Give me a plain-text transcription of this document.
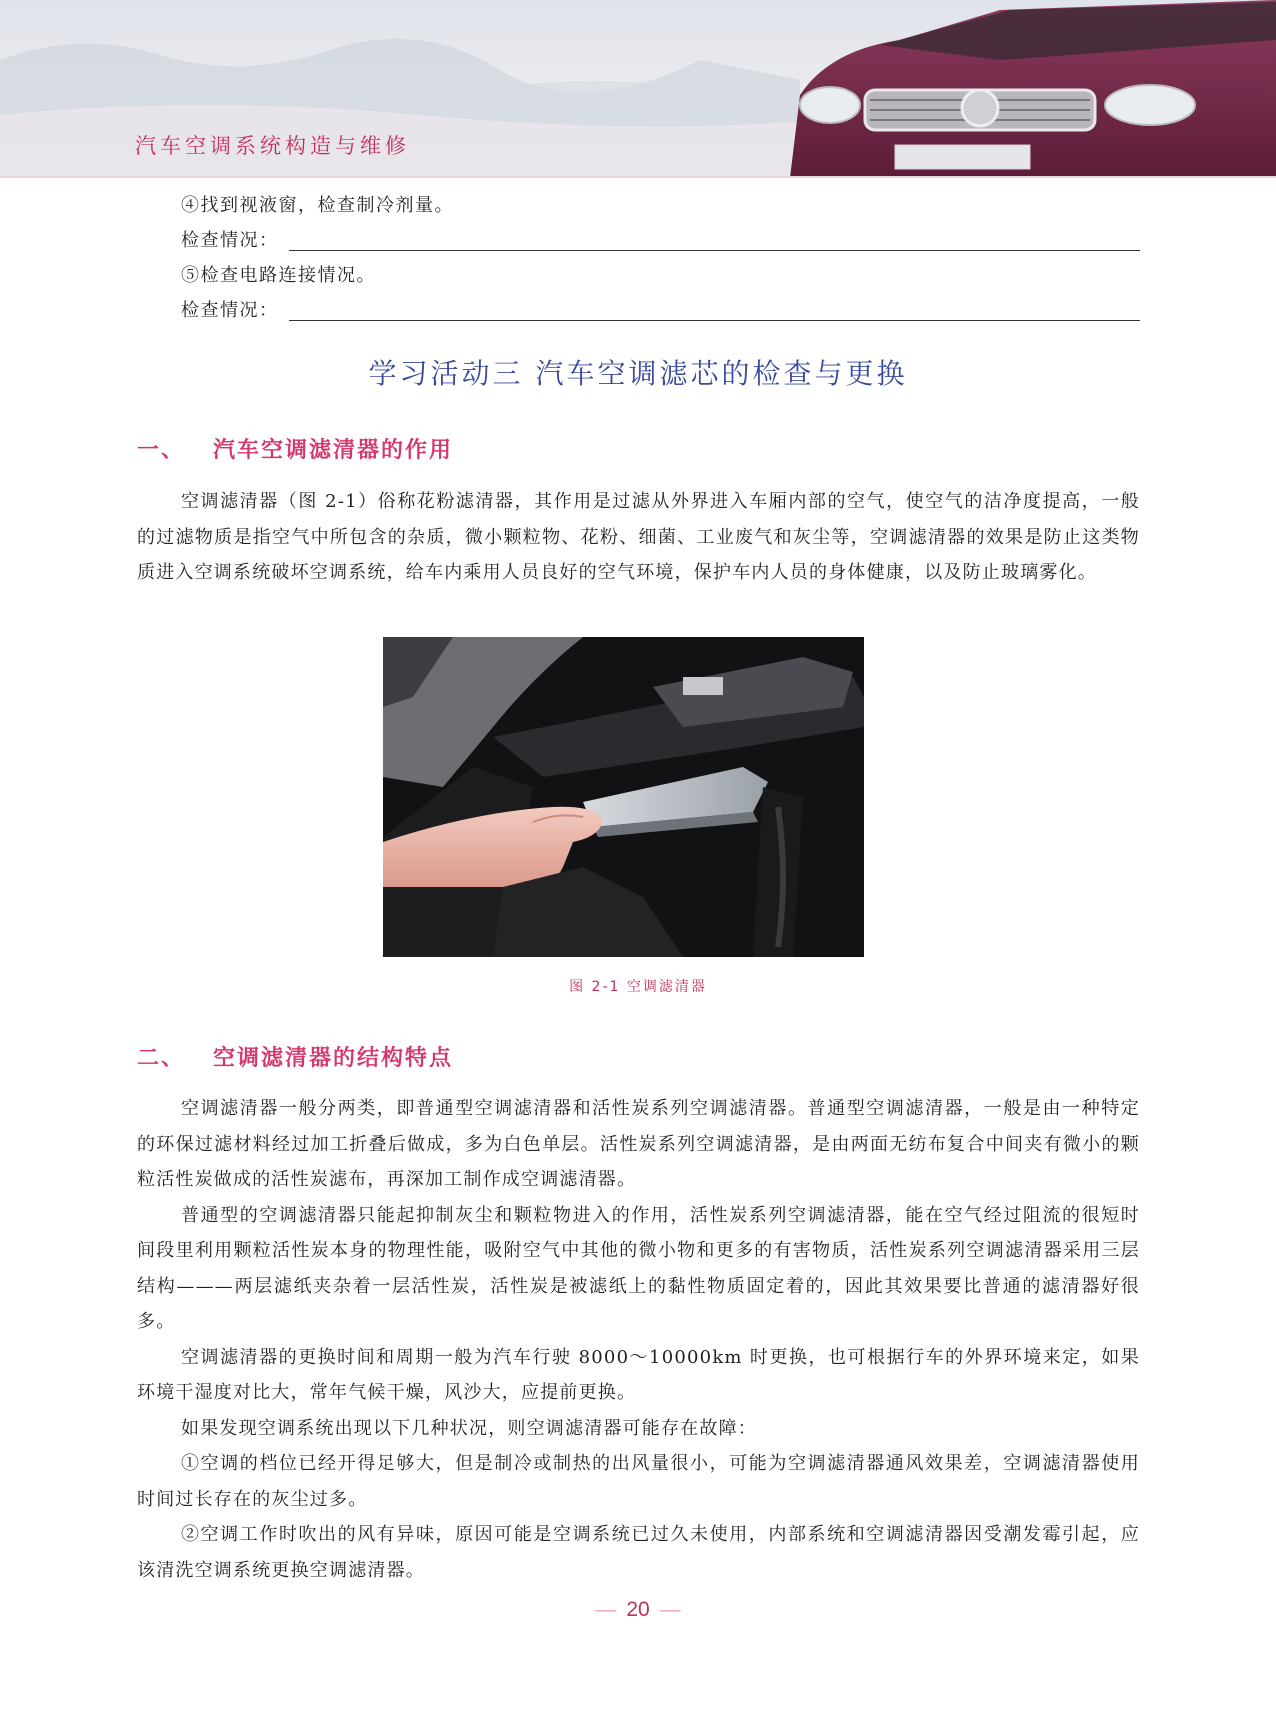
汽车空调系统构造与维修
④找到视液窗，检查制冷剂量。
检查情况：
⑤检查电路连接情况。
检查情况：
学习活动三 汽车空调滤芯的检查与更换
一、 汽车空调滤清器的作用

空调滤清器（图 2-1）俗称花粉滤清器，其作用是过滤从外界进入车厢内部的空气，使空气的洁净度提高，一般的过滤物质是指空气中所包含的杂质，微小颗粒物、花粉、细菌、工业废气和灰尘等，空调滤清器的效果是防止这类物质进入空调系统破坏空调系统，给车内乘用人员良好的空气环境，保护车内人员的身体健康，以及防止玻璃雾化。

图 2-1 空调滤清器
二、 空调滤清器的结构特点

空调滤清器一般分两类，即普通型空调滤清器和活性炭系列空调滤清器。普通型空调滤清器，一般是由一种特定的环保过滤材料经过加工折叠后做成，多为白色单层。活性炭系列空调滤清器，是由两面无纺布复合中间夹有微小的颗粒活性炭做成的活性炭滤布，再深加工制作成空调滤清器。

普通型的空调滤清器只能起抑制灰尘和颗粒物进入的作用，活性炭系列空调滤清器，能在空气经过阻流的很短时间段里利用颗粒活性炭本身的物理性能，吸附空气中其他的微小物和更多的有害物质，活性炭系列空调滤清器采用三层结构———两层滤纸夹杂着一层活性炭，活性炭是被滤纸上的黏性物质固定着的，因此其效果要比普通的滤清器好很多。

空调滤清器的更换时间和周期一般为汽车行驶 8000～10000km 时更换，也可根据行车的外界环境来定，如果环境干湿度对比大，常年气候干燥，风沙大，应提前更换。

如果发现空调系统出现以下几种状况，则空调滤清器可能存在故障：

①空调的档位已经开得足够大，但是制冷或制热的出风量很小，可能为空调滤清器通风效果差，空调滤清器使用时间过长存在的灰尘过多。

②空调工作时吹出的风有异味，原因可能是空调系统已过久未使用，内部系统和空调滤清器因受潮发霉引起，应该清洗空调系统更换空调滤清器。

— 20 —
